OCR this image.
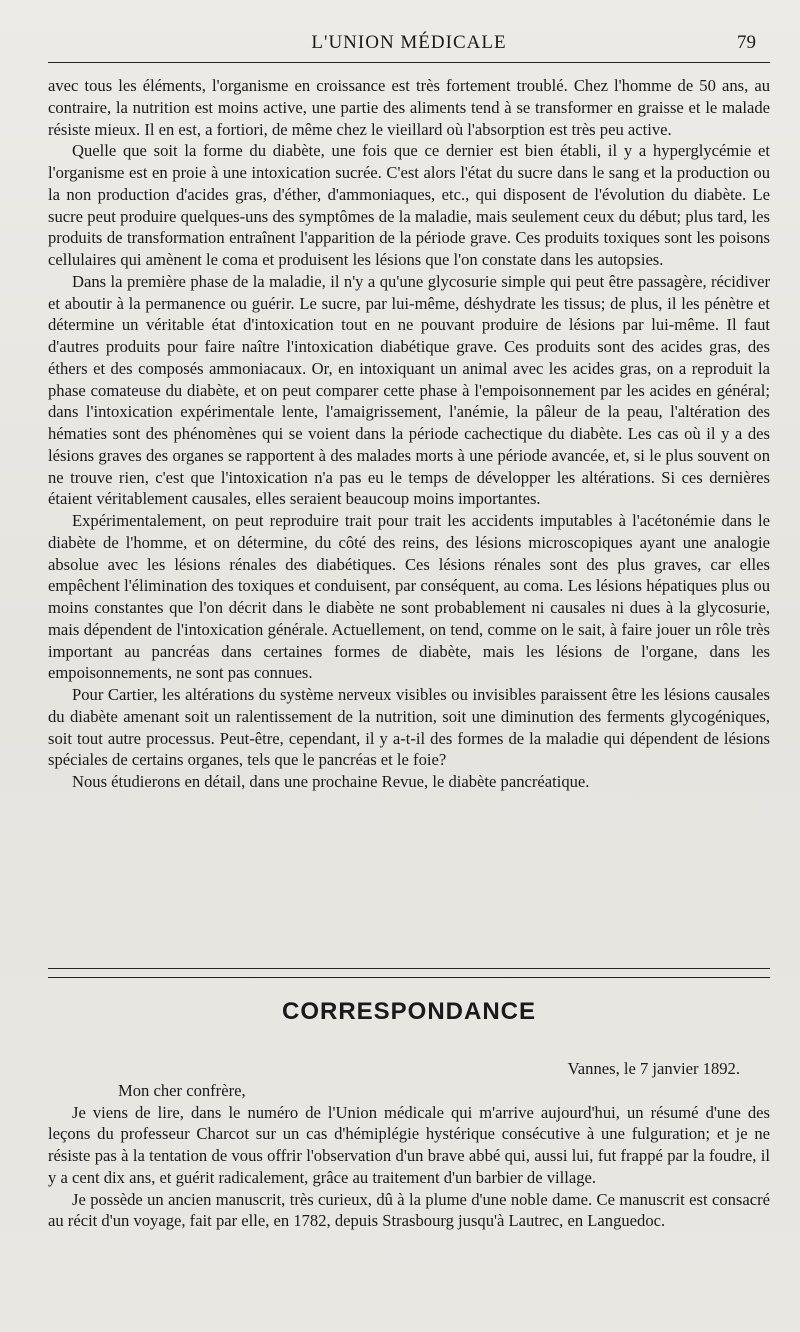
L'UNION MÉDICALE	79

avec tous les éléments, l'organisme en croissance est très fortement troublé. Chez l'homme de 50 ans, au contraire, la nutrition est moins active, une partie des aliments tend à se transformer en graisse et le malade résiste mieux. Il en est, a fortiori, de même chez le vieillard où l'absorption est très peu active.

Quelle que soit la forme du diabète, une fois que ce dernier est bien établi, il y a hyperglycémie et l'organisme est en proie à une intoxication sucrée. C'est alors l'état du sucre dans le sang et la production ou la non production d'acides gras, d'éther, d'ammoniaques, etc., qui disposent de l'évolution du diabète. Le sucre peut produire quelques-uns des symptômes de la maladie, mais seulement ceux du début; plus tard, les produits de transformation entraînent l'apparition de la période grave. Ces produits toxiques sont les poisons cellulaires qui amènent le coma et produisent les lésions que l'on constate dans les autopsies.

Dans la première phase de la maladie, il n'y a qu'une glycosurie simple qui peut être passagère, récidiver et aboutir à la permanence ou guérir. Le sucre, par lui-même, déshydrate les tissus; de plus, il les pénètre et détermine un véritable état d'intoxication tout en ne pouvant produire de lésions par lui-même. Il faut d'autres produits pour faire naître l'intoxication diabétique grave. Ces produits sont des acides gras, des éthers et des composés ammoniacaux. Or, en intoxiquant un animal avec les acides gras, on a reproduit la phase comateuse du diabète, et on peut comparer cette phase à l'empoisonnement par les acides en général; dans l'intoxication expérimentale lente, l'amaigrissement, l'anémie, la pâleur de la peau, l'altération des hématies sont des phénomènes qui se voient dans la période cachectique du diabète. Les cas où il y a des lésions graves des organes se rapportent à des malades morts à une période avancée, et, si le plus souvent on ne trouve rien, c'est que l'intoxication n'a pas eu le temps de développer les altérations. Si ces dernières étaient véritablement causales, elles seraient beaucoup moins importantes.

Expérimentalement, on peut reproduire trait pour trait les accidents imputables à l'acétonémie dans le diabète de l'homme, et on détermine, du côté des reins, des lésions microscopiques ayant une analogie absolue avec les lésions rénales des diabétiques. Ces lésions rénales sont des plus graves, car elles empêchent l'élimination des toxiques et conduisent, par conséquent, au coma. Les lésions hépatiques plus ou moins constantes que l'on décrit dans le diabète ne sont probablement ni causales ni dues à la glycosurie, mais dépendent de l'intoxication générale. Actuellement, on tend, comme on le sait, à faire jouer un rôle très important au pancréas dans certaines formes de diabète, mais les lésions de l'organe, dans les empoisonnements, ne sont pas connues.

Pour Cartier, les altérations du système nerveux visibles ou invisibles paraissent être les lésions causales du diabète amenant soit un ralentissement de la nutrition, soit une diminution des ferments glycogéniques, soit tout autre processus. Peut-être, cependant, il y a-t-il des formes de la maladie qui dépendent de lésions spéciales de certains organes, tels que le pancréas et le foie?

Nous étudierons en détail, dans une prochaine Revue, le diabète pancréatique.

CORRESPONDANCE
Vannes, le 7 janvier 1892.
Mon cher confrère,

Je viens de lire, dans le numéro de l'Union médicale qui m'arrive aujourd'hui, un résumé d'une des leçons du professeur Charcot sur un cas d'hémiplégie hystérique consécutive à une fulguration; et je ne résiste pas à la tentation de vous offrir l'observation d'un brave abbé qui, aussi lui, fut frappé par la foudre, il y a cent dix ans, et guérit radicalement, grâce au traitement d'un barbier de village.

Je possède un ancien manuscrit, très curieux, dû à la plume d'une noble dame. Ce manuscrit est consacré au récit d'un voyage, fait par elle, en 1782, depuis Strasbourg jusqu'à Lautrec, en Languedoc.
